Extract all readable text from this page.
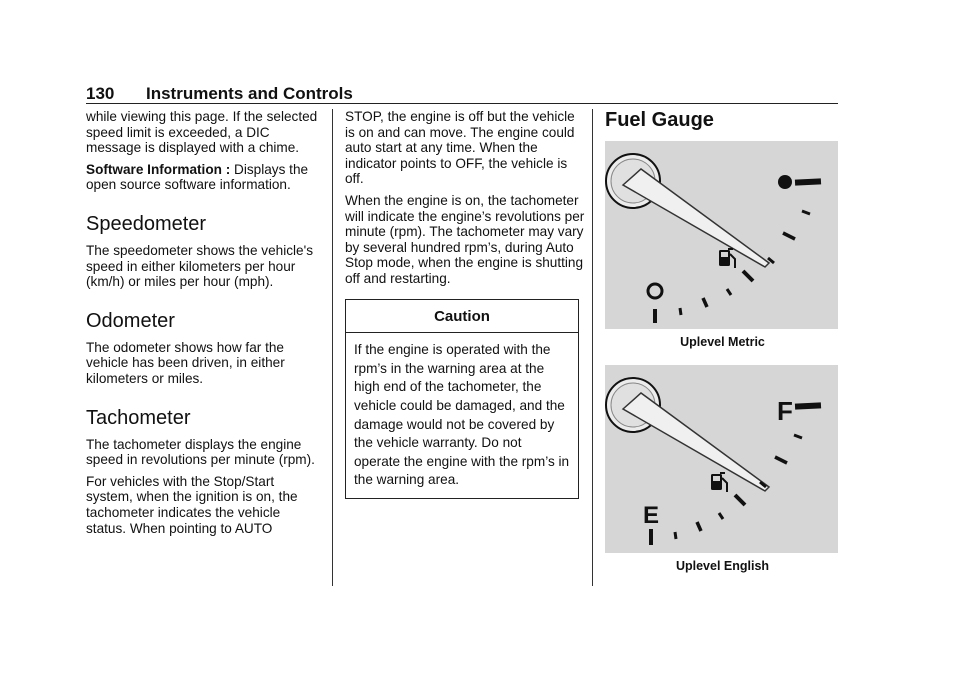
130 Instruments and Controls

while viewing this page. If the selected speed limit is exceeded, a DIC message is displayed with a chime.

Software Information : Displays the open source software information.

Speedometer

The speedometer shows the vehicle's speed in either kilometers per hour (km/h) or miles per hour (mph).

Odometer

The odometer shows how far the vehicle has been driven, in either kilometers or miles.

Tachometer

The tachometer displays the engine speed in revolutions per minute (rpm).

For vehicles with the Stop/Start system, when the ignition is on, the tachometer indicates the vehicle status. When pointing to AUTO

STOP, the engine is off but the vehicle is on and can move. The engine could auto start at any time. When the indicator points to OFF, the vehicle is off.

When the engine is on, the tachometer will indicate the engine’s revolutions per minute (rpm). The tachometer may vary by several hundred rpm’s, during Auto Stop mode, when the engine is shutting off and restarting.

Caution
If the engine is operated with the rpm’s in the warning area at the high end of the tachometer, the vehicle could be damaged, and the damage would not be covered by the vehicle warranty. Do not operate the engine with the rpm’s in the warning area.
Fuel Gauge
Uplevel Metric
F
E
Uplevel English
